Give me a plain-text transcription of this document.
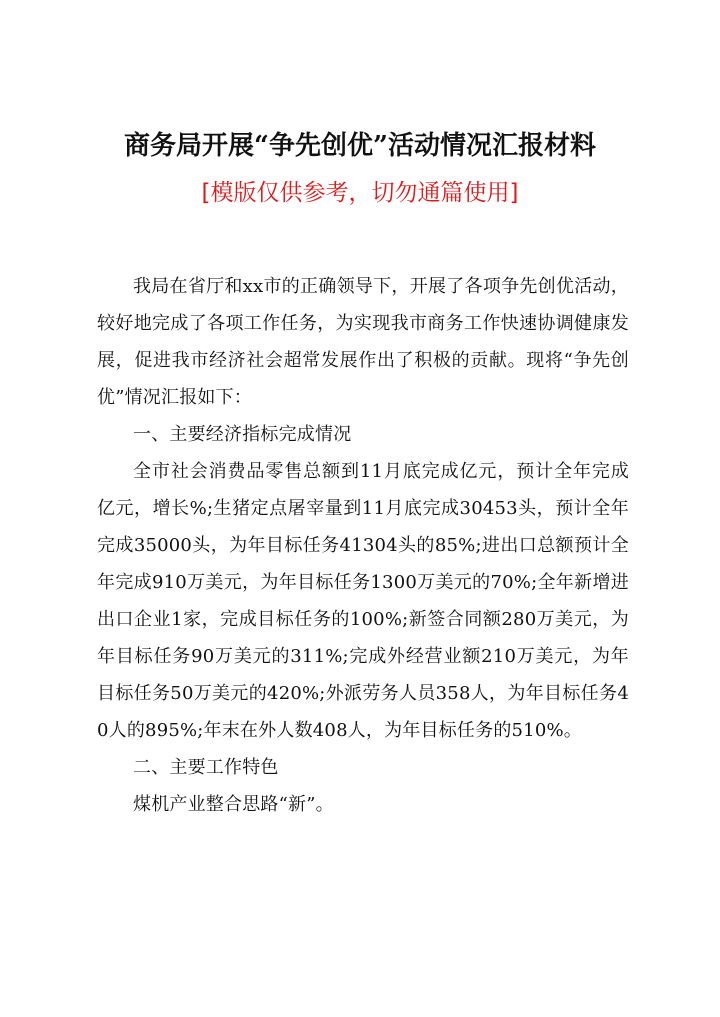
商务局开展“争先创优”活动情况汇报材料
[模版仅供参考，切勿通篇使用]

我局在省厅和xx市的正确领导下，开展了各项争先创优活动，较好地完成了各项工作任务，为实现我市商务工作快速协调健康发展，促进我市经济社会超常发展作出了积极的贡献。现将“争先创优”情况汇报如下：

一、主要经济指标完成情况

全市社会消费品零售总额到11月底完成亿元，预计全年完成亿元，增长%;生猪定点屠宰量到11月底完成30453头，预计全年完成35000头，为年目标任务41304头的85%;进出口总额预计全年完成910万美元，为年目标任务1300万美元的70%;全年新增进出口企业1家，完成目标任务的100%;新签合同额280万美元，为年目标任务90万美元的311%;完成外经营业额210万美元，为年目标任务50万美元的420%;外派劳务人员358人，为年目标任务40人的895%;年末在外人数408人，为年目标任务的510%。

二、主要工作特色

煤机产业整合思路“新”。
